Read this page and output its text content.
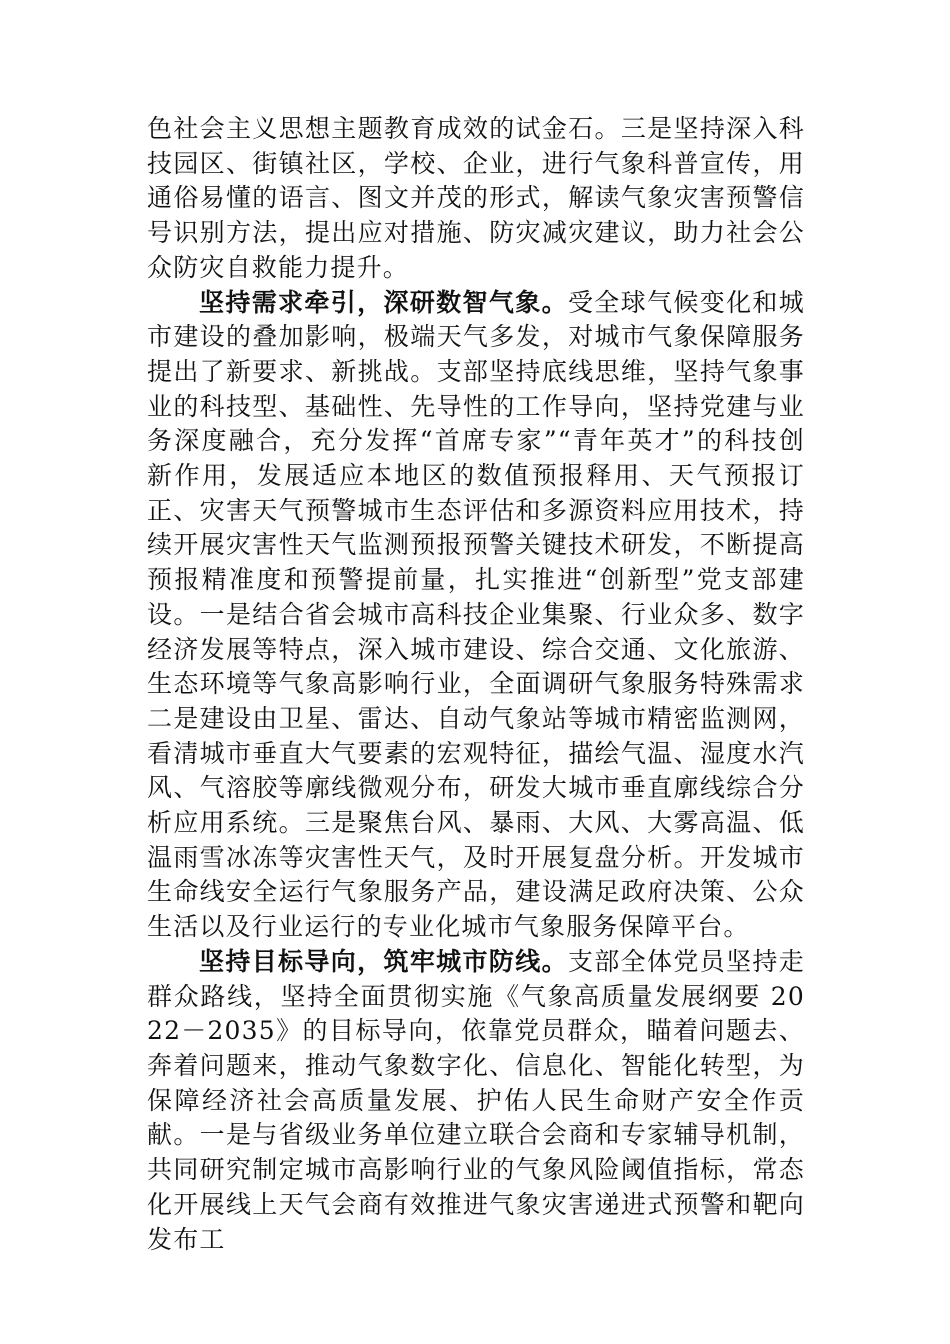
色社会主义思想主题教育成效的试金石。三是坚持深入科技园区、街镇社区，学校、企业，进行气象科普宣传，用通俗易懂的语言、图文并茂的形式，解读气象灾害预警信号识别方法，提出应对措施、防灾减灾建议，助力社会公众防灾自救能力提升。

坚持需求牵引，深研数智气象。受全球气候变化和城市建设的叠加影响，极端天气多发，对城市气象保障服务提出了新要求、新挑战。支部坚持底线思维，坚持气象事业的科技型、基础性、先导性的工作导向，坚持党建与业务深度融合，充分发挥“首席专家”“青年英才”的科技创新作用，发展适应本地区的数值预报释用、天气预报订正、灾害天气预警城市生态评估和多源资料应用技术，持续开展灾害性天气监测预报预警关键技术研发，不断提高预报精准度和预警提前量，扎实推进“创新型”党支部建设。一是结合省会城市高科技企业集聚、行业众多、数字经济发展等特点，深入城市建设、综合交通、文化旅游、生态环境等气象高影响行业，全面调研气象服务特殊需求二是建设由卫星、雷达、自动气象站等城市精密监测网，看清城市垂直大气要素的宏观特征，描绘气温、湿度水汽风、气溶胶等廓线微观分布，研发大城市垂直廓线综合分析应用系统。三是聚焦台风、暴雨、大风、大雾高温、低温雨雪冰冻等灾害性天气，及时开展复盘分析。开发城市生命线安全运行气象服务产品，建设满足政府决策、公众生活以及行业运行的专业化城市气象服务保障平台。

坚持目标导向，筑牢城市防线。支部全体党员坚持走群众路线，坚持全面贯彻实施《气象高质量发展纲要 2022－2035》的目标导向，依靠党员群众，瞄着问题去、奔着问题来，推动气象数字化、信息化、智能化转型，为保障经济社会高质量发展、护佑人民生命财产安全作贡献。一是与省级业务单位建立联合会商和专家辅导机制，共同研究制定城市高影响行业的气象风险阈值指标，常态化开展线上天气会商有效推进气象灾害递进式预警和靶向发布工
